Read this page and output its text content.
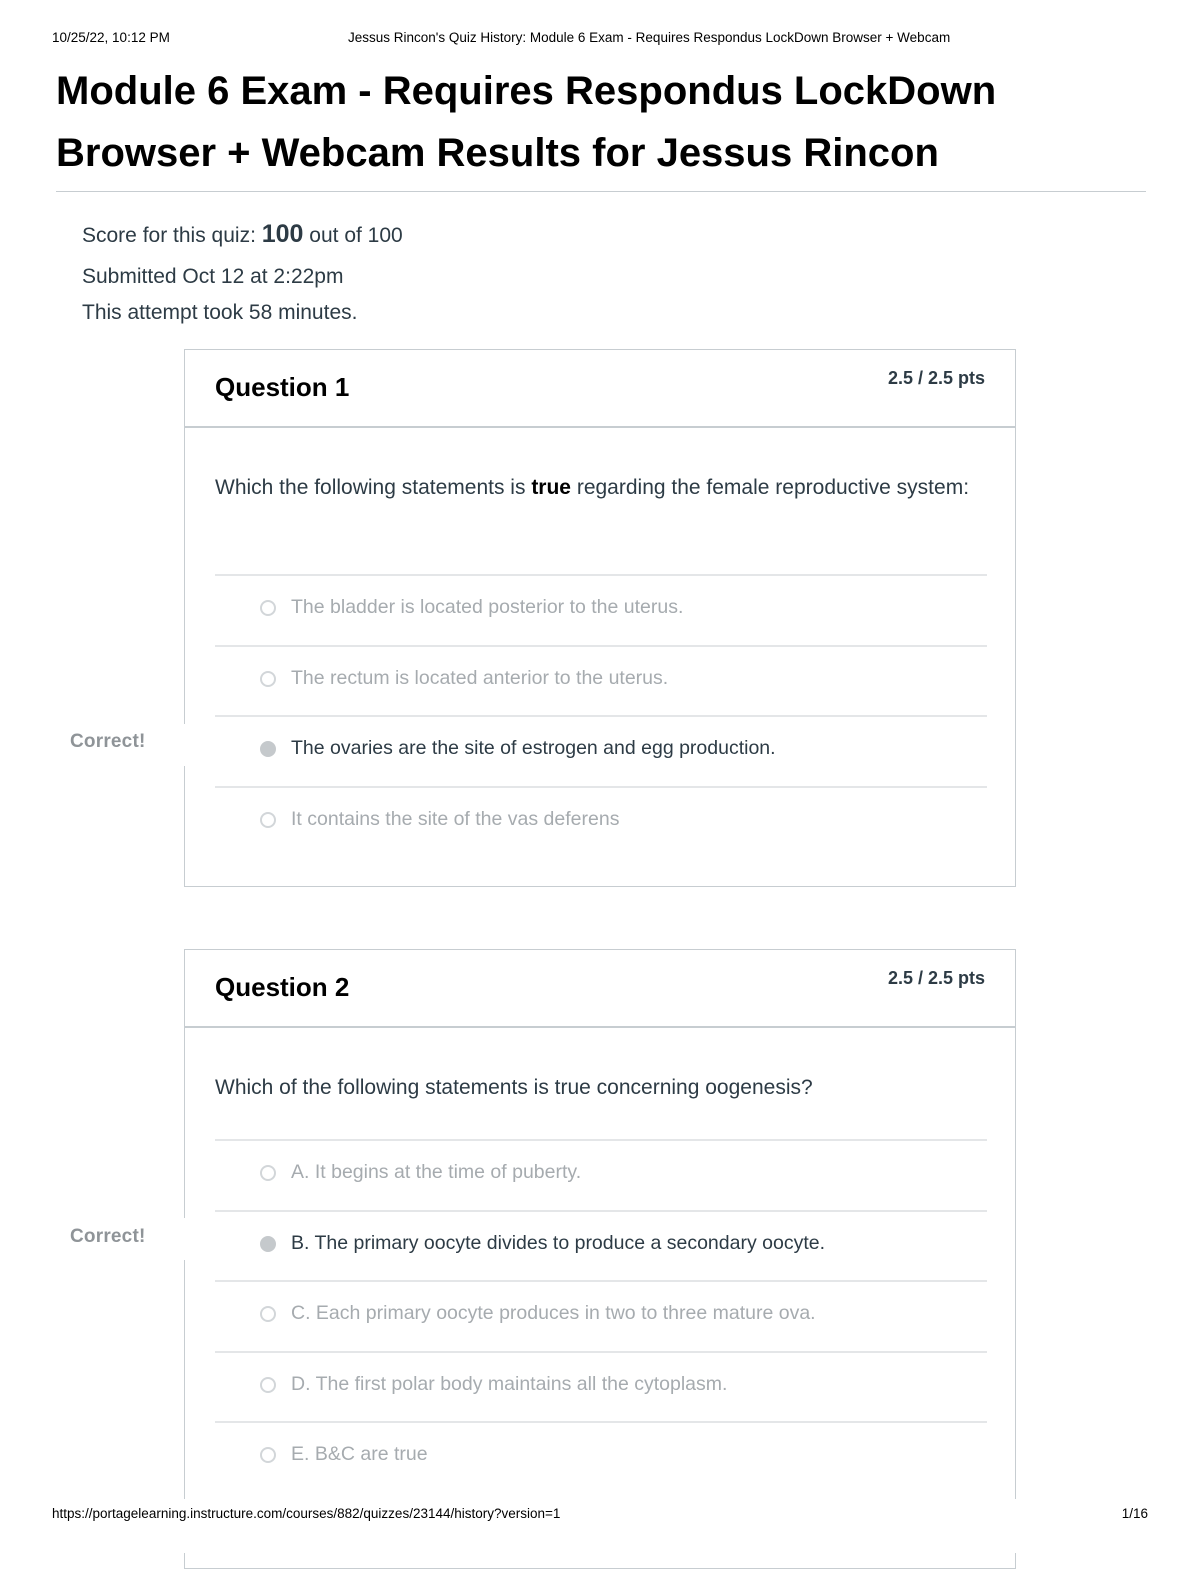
10/25/22, 10:12 PM	Jessus Rincon's Quiz History: Module 6 Exam - Requires Respondus LockDown Browser + Webcam
Module 6 Exam - Requires Respondus LockDown Browser + Webcam Results for Jessus Rincon
Score for this quiz: 100 out of 100
Submitted Oct 12 at 2:22pm
This attempt took 58 minutes.
Correct!
Question 1	2.5 / 2.5 pts
Which the following statements is true regarding the female reproductive system:
The bladder is located posterior to the uterus.
The rectum is located anterior to the uterus.
The ovaries are the site of estrogen and egg production.
It contains the site of the vas deferens
Correct!
Question 2	2.5 / 2.5 pts
Which of the following statements is true concerning oogenesis?
A. It begins at the time of puberty.
B. The primary oocyte divides to produce a secondary oocyte.
C. Each primary oocyte produces in two to three mature ova.
D. The first polar body maintains all the cytoplasm.
E. B&C are true
https://portagelearning.instructure.com/courses/882/quizzes/23144/history?version=1	1/16
